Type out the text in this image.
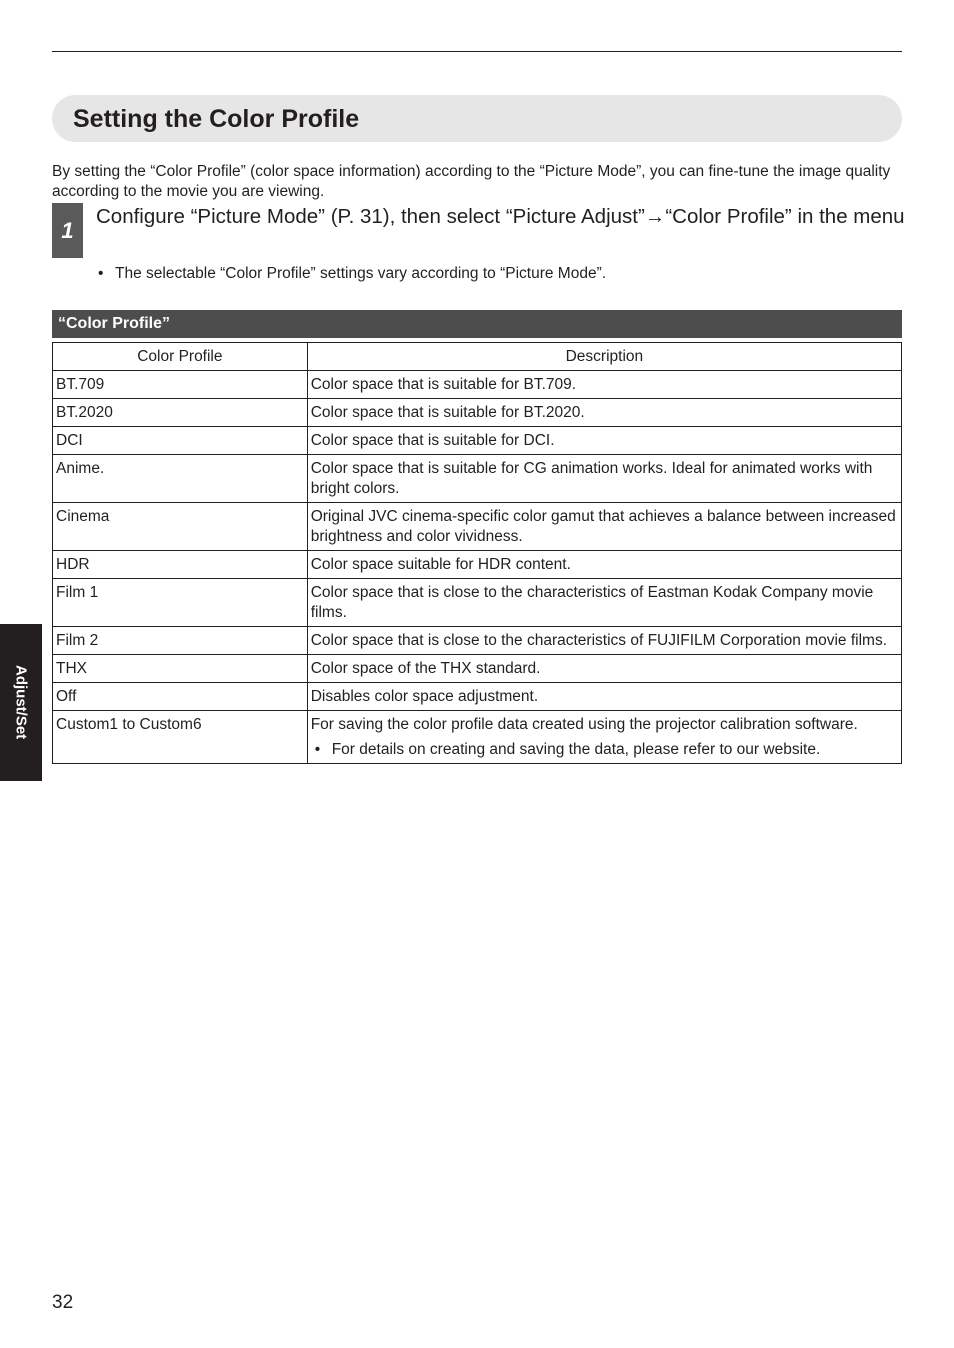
Setting the Color Profile

By setting the “Color Profile” (color space information) according to the “Picture Mode”, you can fine-tune the image quality according to the movie you are viewing.

1

Configure “Picture Mode” (P. 31), then select “Picture Adjust”→“Color Profile” in the menu

• The selectable “Color Profile” settings vary according to “Picture Mode”.

“Color Profile”
Color Profile	Description
BT.709	Color space that is suitable for BT.709.
BT.2020	Color space that is suitable for BT.2020.
DCI	Color space that is suitable for DCI.
Anime.	Color space that is suitable for CG animation works. Ideal for animated works with bright colors.
Cinema	Original JVC cinema-specific color gamut that achieves a balance between increased brightness and color vividness.
HDR	Color space suitable for HDR content.
Film 1	Color space that is close to the characteristics of Eastman Kodak Company movie films.
Film 2	Color space that is close to the characteristics of FUJIFILM Corporation movie films.
THX	Color space of the THX standard.
Off	Disables color space adjustment.
Custom1 to Custom6	For saving the color profile data created using the projector calibration software.
• For details on creating and saving the data, please refer to our website.
Adjust/Set
32
